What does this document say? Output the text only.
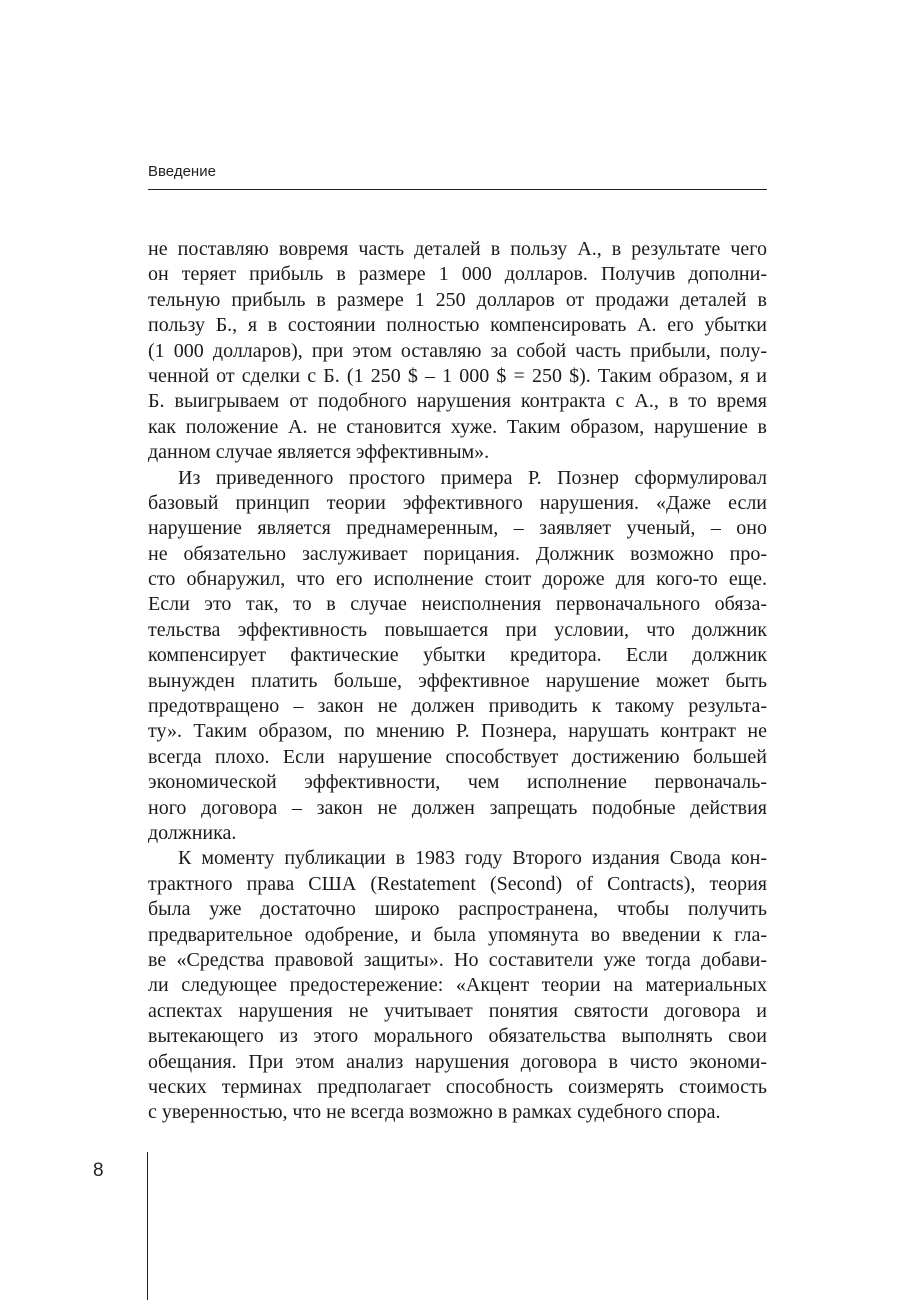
Введение
не поставляю вовремя часть деталей в пользу А., в результате чего
он теряет прибыль в размере 1 000 долларов. Получив дополни-
тельную прибыль в размере 1 250 долларов от продажи деталей в
пользу Б., я в состоянии полностью компенсировать А. его убытки
(1 000 долларов), при этом оставляю за собой часть прибыли, полу-
ченной от сделки с Б. (1 250 $ – 1 000 $ = 250 $). Таким образом, я и
Б. выигрываем от подобного нарушения контракта с А., в то время
как положение А. не становится хуже. Таким образом, нарушение в
данном случае является эффективным».
Из приведенного простого примера Р. Познер сформулировал
базовый принцип теории эффективного нарушения. «Даже если
нарушение является преднамеренным, – заявляет ученый, – оно
не обязательно заслуживает порицания. Должник возможно про-
сто обнаружил, что его исполнение стоит дороже для кого-то еще.
Если это так, то в случае неисполнения первоначального обяза-
тельства эффективность повышается при условии, что должник
компенсирует фактические убытки кредитора. Если должник
вынужден платить больше, эффективное нарушение может быть
предотвращено – закон не должен приводить к такому результа-
ту». Таким образом, по мнению Р. Познера, нарушать контракт не
всегда плохо. Если нарушение способствует достижению большей
экономической эффективности, чем исполнение первоначаль-
ного договора – закон не должен запрещать подобные действия
должника.
К моменту публикации в 1983 году Второго издания Свода кон-
трактного права США (Restatement (Second) of Contracts), теория
была уже достаточно широко распространена, чтобы получить
предварительное одобрение, и была упомянута во введении к гла-
ве «Средства правовой защиты». Но составители уже тогда добави-
ли следующее предостережение: «Акцент теории на материальных
аспектах нарушения не учитывает понятия святости договора и
вытекающего из этого морального обязательства выполнять свои
обещания. При этом анализ нарушения договора в чисто экономи-
ческих терминах предполагает способность соизмерять стоимость
с уверенностью, что не всегда возможно в рамках судебного спора.
8
